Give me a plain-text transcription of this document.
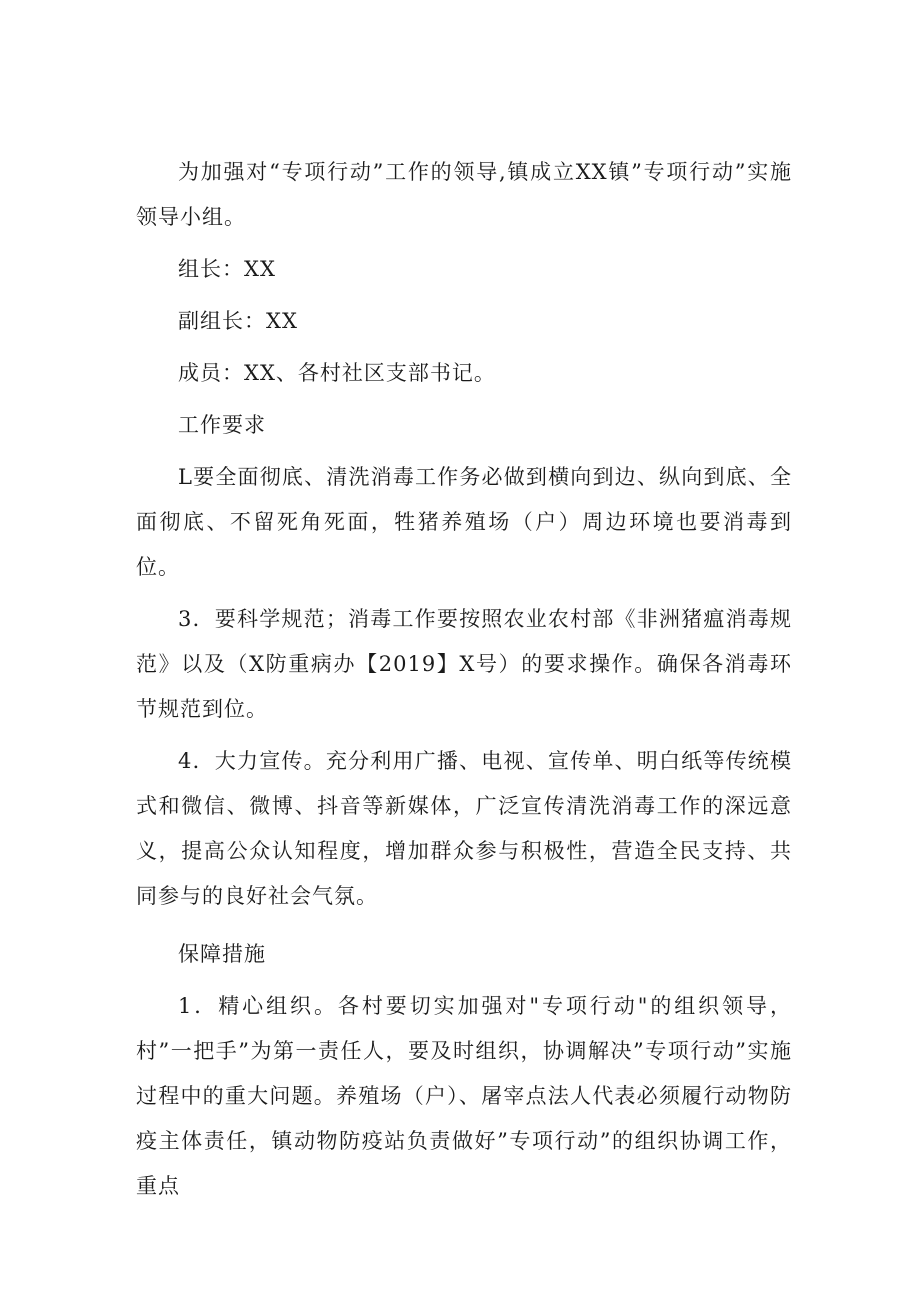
为加强对“专项行动”工作的领导,镇成立XX镇”专项行动”实施领导小组。

组长：XX

副组长：XX

成员：XX、各村社区支部书记。

工作要求

L要全面彻底、清洗消毒工作务必做到横向到边、纵向到底、全面彻底、不留死角死面，牲猪养殖场（户）周边环境也要消毒到位。

3．要科学规范；消毒工作要按照农业农村部《非洲猪瘟消毒规范》以及（X防重病办【2019】X号）的要求操作。确保各消毒环节规范到位。

4．大力宣传。充分利用广播、电视、宣传单、明白纸等传统模式和微信、微博、抖音等新媒体，广泛宣传清洗消毒工作的深远意义，提高公众认知程度，增加群众参与积极性，营造全民支持、共同参与的良好社会气氛。

保障措施

1．精心组织。各村要切实加强对"专项行动"的组织领导，村”一把手”为第一责任人，要及时组织，协调解决”专项行动”实施过程中的重大问题。养殖场（户）、屠宰点法人代表必须履行动物防疫主体责任，镇动物防疫站负责做好”专项行动”的组织协调工作，重点
